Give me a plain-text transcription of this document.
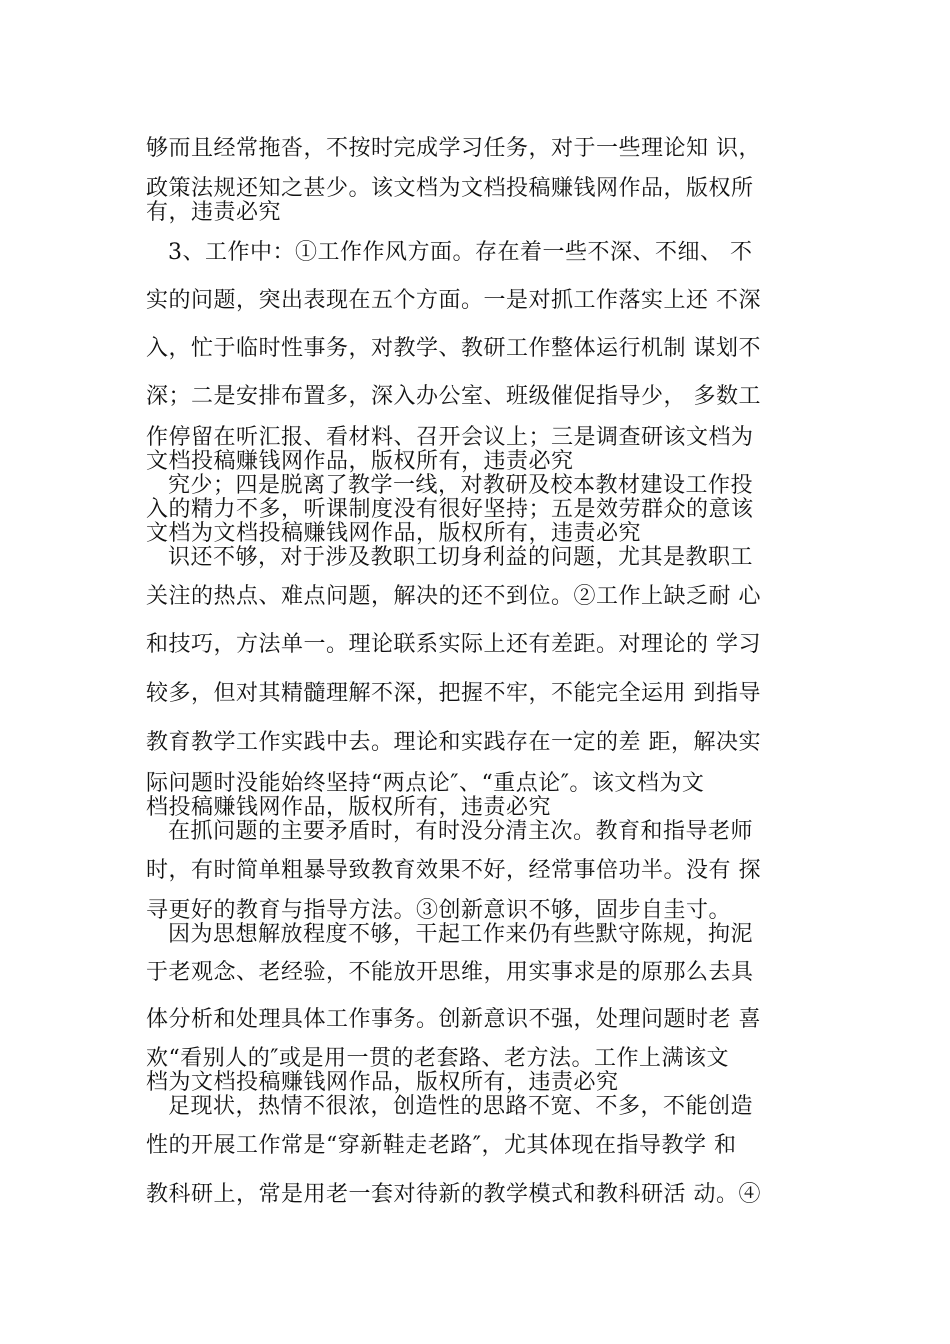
够而且经常拖沓，不按时完成学习任务，对于一些理论知 识，
政策法规还知之甚少。该文档为文档投稿赚钱网作品，版权所
有，违责必究
3、工作中：①工作作风方面。存在着一些不深、不细、 不
实的问题，突出表现在五个方面。一是对抓工作落实上还 不深
入，忙于临时性事务，对教学、教研工作整体运行机制 谋划不
深；二是安排布置多，深入办公室、班级催促指导少， 多数工
作停留在听汇报、看材料、召开会议上；三是调查研该文档为
文档投稿赚钱网作品，版权所有，违责必究
究少；四是脱离了教学一线，对教研及校本教材建设工作投
入的精力不多，听课制度没有很好坚持；五是效劳群众的意该
文档为文档投稿赚钱网作品，版权所有，违责必究
识还不够，对于涉及教职工切身利益的问题，尤其是教职工
关注的热点、难点问题，解决的还不到位。②工作上缺乏耐 心
和技巧，方法单一。理论联系实际上还有差距。对理论的 学习
较多，但对其精髓理解不深，把握不牢，不能完全运用 到指导
教育教学工作实践中去。理论和实践存在一定的差 距，解决实
际问题时没能始终坚持“两点论″、“重点论″。该文档为文
档投稿赚钱网作品，版权所有，违责必究
在抓问题的主要矛盾时，有时没分清主次。教育和指导老师
时，有时简单粗暴导致教育效果不好，经常事倍功半。没有 探
寻更好的教育与指导方法。③创新意识不够，固步自圭寸。
因为思想解放程度不够，干起工作来仍有些默守陈规，拘泥
于老观念、老经验，不能放开思维，用实事求是的原那么去具
体分析和处理具体工作事务。创新意识不强，处理问题时老 喜
欢“看别人的″或是用一贯的老套路、老方法。工作上满该文
档为文档投稿赚钱网作品，版权所有，违责必究
足现状，热情不很浓，创造性的思路不宽、不多，不能创造
性的开展工作常是“穿新鞋走老路″，尤其体现在指导教学 和
教科研上，常是用老一套对待新的教学模式和教科研活 动。④
